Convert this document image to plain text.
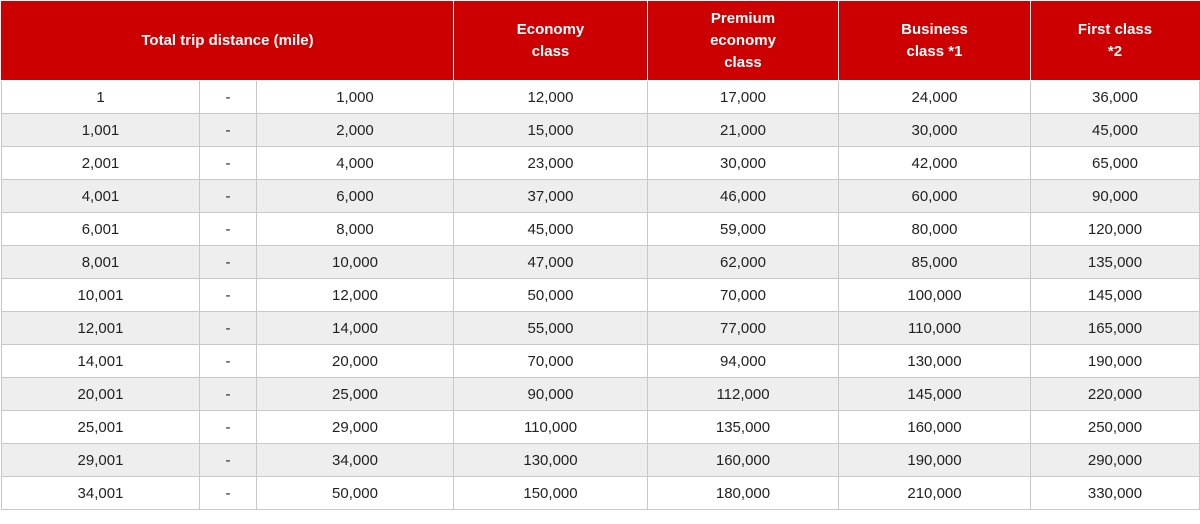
Total trip distance (mile)			Economy class	Premium economy class	Business class *1	First class *2

1	-	1,000	12,000	17,000	24,000	36,000
1,001	-	2,000	15,000	21,000	30,000	45,000
2,001	-	4,000	23,000	30,000	42,000	65,000
4,001	-	6,000	37,000	46,000	60,000	90,000
6,001	-	8,000	45,000	59,000	80,000	120,000
8,001	-	10,000	47,000	62,000	85,000	135,000
10,001	-	12,000	50,000	70,000	100,000	145,000
12,001	-	14,000	55,000	77,000	110,000	165,000
14,001	-	20,000	70,000	94,000	130,000	190,000
20,001	-	25,000	90,000	112,000	145,000	220,000
25,001	-	29,000	110,000	135,000	160,000	250,000
29,001	-	34,000	130,000	160,000	190,000	290,000
34,001	-	50,000	150,000	180,000	210,000	330,000
